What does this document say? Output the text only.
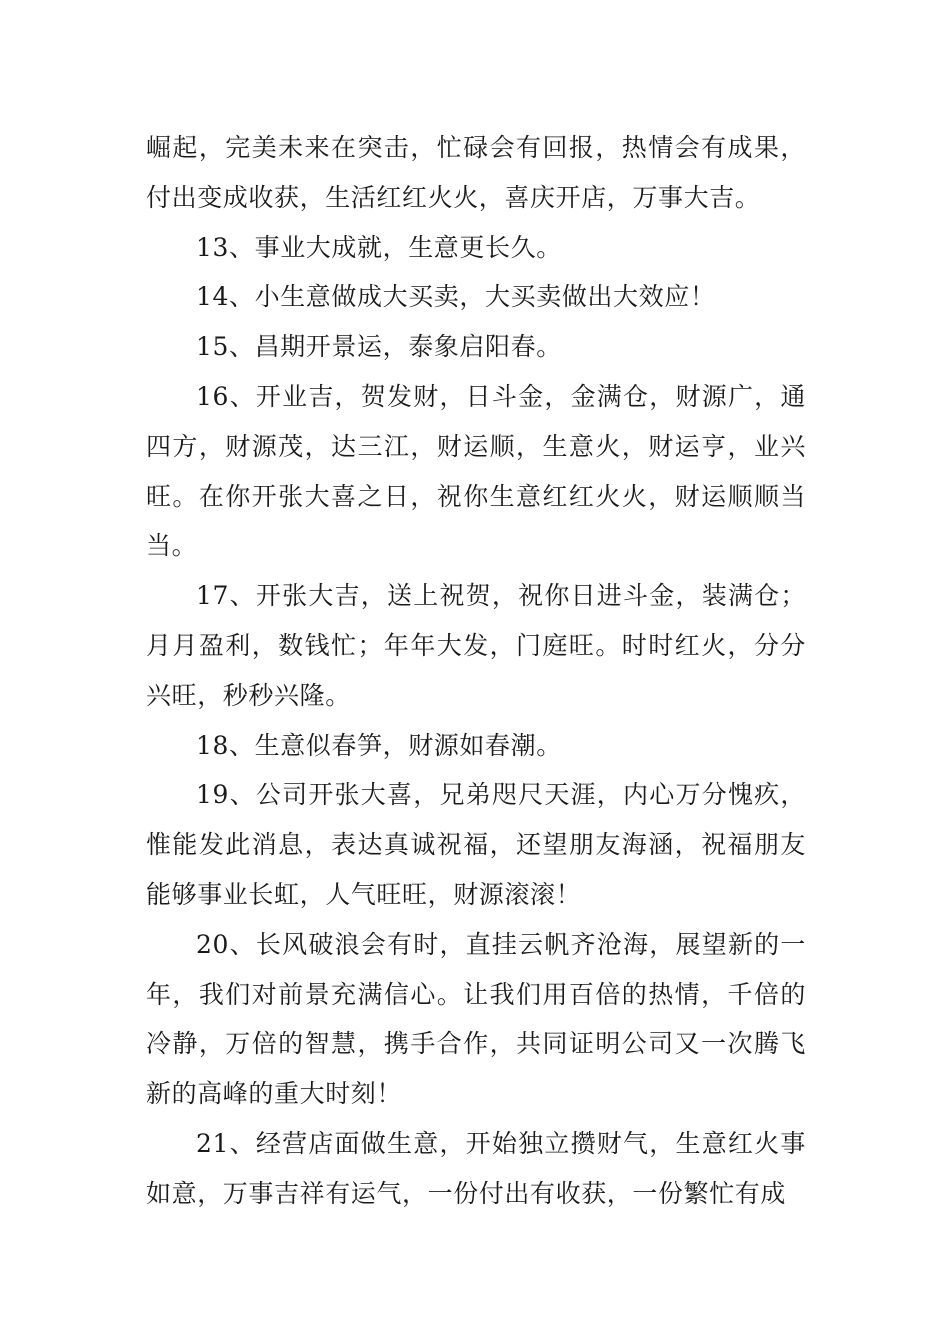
崛起，完美未来在突击，忙碌会有回报，热情会有成果，付出变成收获，生活红红火火，喜庆开店，万事大吉。

13、事业大成就，生意更长久。

14、小生意做成大买卖，大买卖做出大效应！

15、昌期开景运，泰象启阳春。

16、开业吉，贺发财，日斗金，金满仓，财源广，通四方，财源茂，达三江，财运顺，生意火，财运亨，业兴旺。在你开张大喜之日，祝你生意红红火火，财运顺顺当当。

17、开张大吉，送上祝贺，祝你日进斗金，装满仓；月月盈利，数钱忙；年年大发，门庭旺。时时红火，分分兴旺，秒秒兴隆。

18、生意似春笋，财源如春潮。

19、公司开张大喜，兄弟咫尺天涯，内心万分愧疚，惟能发此消息，表达真诚祝福，还望朋友海涵，祝福朋友能够事业长虹，人气旺旺，财源滚滚！

20、长风破浪会有时，直挂云帆齐沧海，展望新的一年，我们对前景充满信心。让我们用百倍的热情，千倍的冷静，万倍的智慧，携手合作，共同证明公司又一次腾飞新的高峰的重大时刻！

21、经营店面做生意，开始独立攒财气，生意红火事如意，万事吉祥有运气，一份付出有收获，一份繁忙有成
